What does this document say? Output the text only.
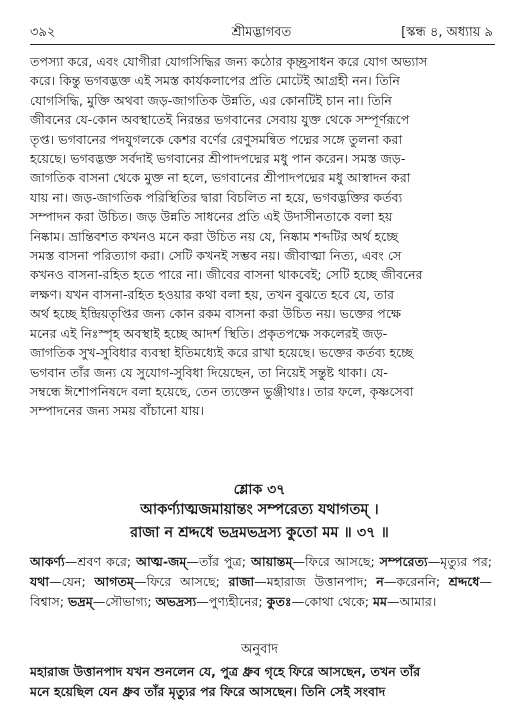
৩৯২	শ্রীমদ্ভাগবত	[স্কন্ধ ৪, অধ্যায় ৯

তপস্যা করে, এবং যোগীরা যোগসিদ্ধির জন্য কঠোর কৃচ্ছ্রসাধন করে যোগ অভ্যাস

করে। কিন্তু ভগবদ্ভক্ত এই সমস্ত কার্যকলাপের প্রতি মোটেই আগ্রহী নন। তিনি

যোগসিদ্ধি, মুক্তি অথবা জড়-জাগতিক উন্নতি, এর কোনটিই চান না। তিনি

জীবনের যে-কোন অবস্থাতেই নিরন্তর ভগবানের সেবায় যুক্ত থেকে সম্পূর্ণরূপে

তৃপ্ত। ভগবানের পদযুগলকে কেশর বর্ণের রেণুসমন্বিত পদ্মের সঙ্গে তুলনা করা

হয়েছে। ভগবদ্ভক্ত সর্বদাই ভগবানের শ্রীপাদপদ্মের মধু পান করেন। সমস্ত জড়-

জাগতিক বাসনা থেকে মুক্ত না হলে, ভগবানের শ্রীপাদপদ্মের মধু আস্বাদন করা

যায় না। জড়-জাগতিক পরিস্থিতির দ্বারা বিচলিত না হয়ে, ভগবদ্ভক্তির কর্তব্য

সম্পাদন করা উচিত। জড় উন্নতি সাধনের প্রতি এই উদাসীনতাকে বলা হয়

নিষ্কাম। ভ্রান্তিবশত কখনও মনে করা উচিত নয় যে, নিষ্কাম শব্দটির অর্থ হচ্ছে

সমস্ত বাসনা পরিত্যাগ করা। সেটি কখনই সম্ভব নয়। জীবাত্মা নিত্য, এবং সে

কখনও বাসনা-রহিত হতে পারে না। জীবের বাসনা থাকবেই; সেটি হচ্ছে জীবনের

লক্ষণ। যখন বাসনা-রহিত হওয়ার কথা বলা হয়, তখন বুঝতে হবে যে, তার

অর্থ হচ্ছে ইন্দ্রিয়তৃপ্তির জন্য কোন রকম বাসনা করা উচিত নয়। ভক্তের পক্ষে

মনের এই নিঃস্পৃহ অবস্থাই হচ্ছে আদর্শ স্থিতি। প্রকৃতপক্ষে সকলেরই জড়-

জাগতিক সুখ-সুবিধার ব্যবস্থা ইতিমধ্যেই করে রাখা হয়েছে। ভক্তের কর্তব্য হচ্ছে

ভগবান তাঁর জন্য যে সুযোগ-সুবিধা দিয়েছেন, তা নিয়েই সন্তুষ্ট থাকা। যে-

সম্বন্ধে ঈশোপনিষদে বলা হয়েছে, তেন ত্যক্তেন ভুঞ্জীথাঃ। তার ফলে, কৃষ্ণসেবা

সম্পাদনের জন্য সময় বাঁচানো যায়।

শ্লোক ৩৭
আকর্ণ্যাত্মজমায়ান্তং সম্পরেত্য যথাগতম্ ।
রাজা ন শ্রদ্দধে ভদ্রমভদ্রস্য কুতো মম ॥ ৩৭ ॥

আকর্ণ্য—শ্রবণ করে; আত্ম-জম্—তাঁর পুত্র; আয়ান্তম্—ফিরে আসছে; সম্পরেত্য—মৃত্যুর পর; যথা—যেন; আগতম্—ফিরে আসছে; রাজা—মহারাজ উত্তানপাদ; ন—করেননি; শ্রদ্দধে—বিশ্বাস; ভদ্রম্—সৌভাগ্য; অভদ্রস্য—পুণ্যহীনের; কুতঃ—কোথা থেকে; মম—আমার।

অনুবাদ

মহারাজ উত্তানপাদ যখন শুনলেন যে, পুত্র ধ্রুব গৃহে ফিরে আসছেন, তখন তাঁর

মনে হয়েছিল যেন ধ্রুব তাঁর মৃত্যুর পর ফিরে আসছেন। তিনি সেই সংবাদ
